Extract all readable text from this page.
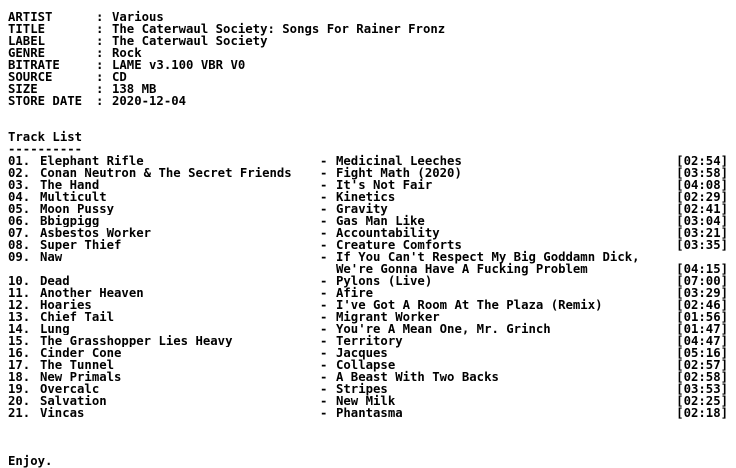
ARTIST	: Various
TITLE	: The Caterwaul Society: Songs For Rainer Fronz
LABEL	: The Caterwaul Society
GENRE	: Rock
BITRATE	: LAME v3.100 VBR V0
SOURCE	: CD
SIZE	: 138 MB
STORE DATE : 2020-12-04
Track List
----------
01. Elephant Rifle	- Medicinal Leeches	[02:54]
02. Conan Neutron & The Secret Friends	- Fight Math (2020)	[03:58]
03. The Hand	- It's Not Fair	[04:08]
04. Multicult	- Kinetics	[02:29]
05. Moon Pussy	- Gravity	[02:41]
06. Bbigpigg	- Gas Man Like	[03:04]
07. Asbestos Worker	- Accountability	[03:21]
08. Super Thief	- Creature Comforts	[03:35]
09. Naw	- If You Can't Respect My Big Goddamn Dick,
We're Gonna Have A Fucking Problem	[04:15]
10. Dead	- Pylons (Live)	[07:00]
11. Another Heaven	- Afire	[03:29]
12. Hoaries	- I've Got A Room At The Plaza (Remix)	[02:46]
13. Chief Tail	- Migrant Worker	[01:56]
14. Lung	- You're A Mean One, Mr. Grinch	[01:47]
15. The Grasshopper Lies Heavy	- Territory	[04:47]
16. Cinder Cone	- Jacques	[05:16]
17. The Tunnel	- Collapse	[02:57]
18. New Primals	- A Beast With Two Backs	[02:58]
19. Overcalc	- Stripes	[03:53]
20. Salvation	- New Milk	[02:25]
21. Vincas	- Phantasma	[02:18]
Enjoy.
